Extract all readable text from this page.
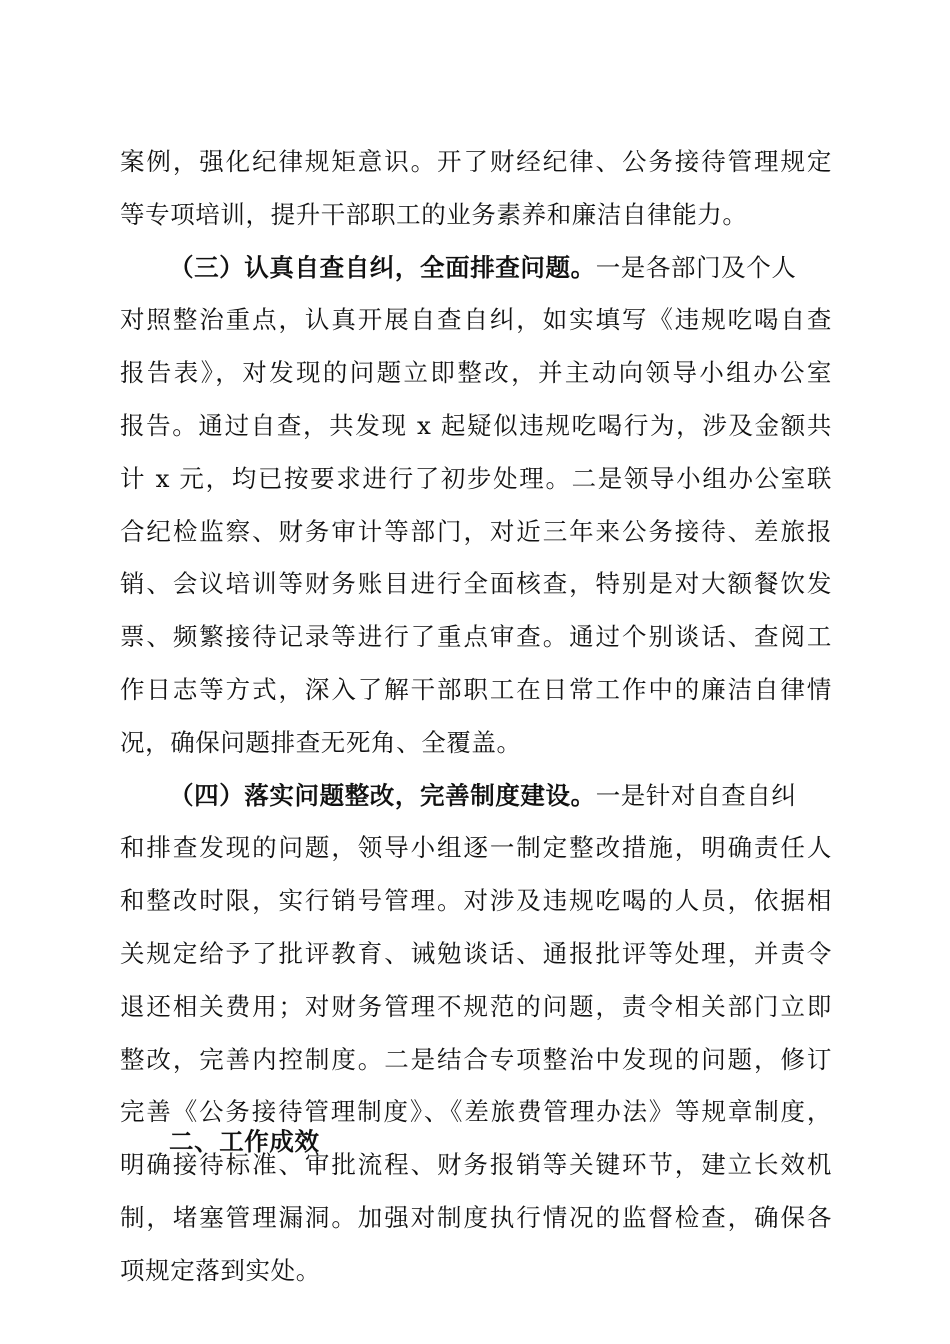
案例，强化纪律规矩意识。开了财经纪律、公务接待管理规定
等专项培训，提升干部职工的业务素养和廉洁自律能力。
（三）认真自查自纠，全面排查问题。一是各部门及个人
对照整治重点，认真开展自查自纠，如实填写《违规吃喝自查
报告表》，对发现的问题立即整改，并主动向领导小组办公室
报告。通过自查，共发现 x 起疑似违规吃喝行为，涉及金额共
计 x 元，均已按要求进行了初步处理。二是领导小组办公室联
合纪检监察、财务审计等部门，对近三年来公务接待、差旅报
销、会议培训等财务账目进行全面核查，特别是对大额餐饮发
票、频繁接待记录等进行了重点审查。通过个别谈话、查阅工
作日志等方式，深入了解干部职工在日常工作中的廉洁自律情
况，确保问题排查无死角、全覆盖。
（四）落实问题整改，完善制度建设。一是针对自查自纠
和排查发现的问题，领导小组逐一制定整改措施，明确责任人
和整改时限，实行销号管理。对涉及违规吃喝的人员，依据相
关规定给予了批评教育、诫勉谈话、通报批评等处理，并责令
退还相关费用；对财务管理不规范的问题，责令相关部门立即
整改，完善内控制度。二是结合专项整治中发现的问题，修订
完善《公务接待管理制度》、《差旅费管理办法》等规章制度，
明确接待标准、审批流程、财务报销等关键环节，建立长效机
制，堵塞管理漏洞。加强对制度执行情况的监督检查，确保各
项规定落到实处。
二、工作成效
